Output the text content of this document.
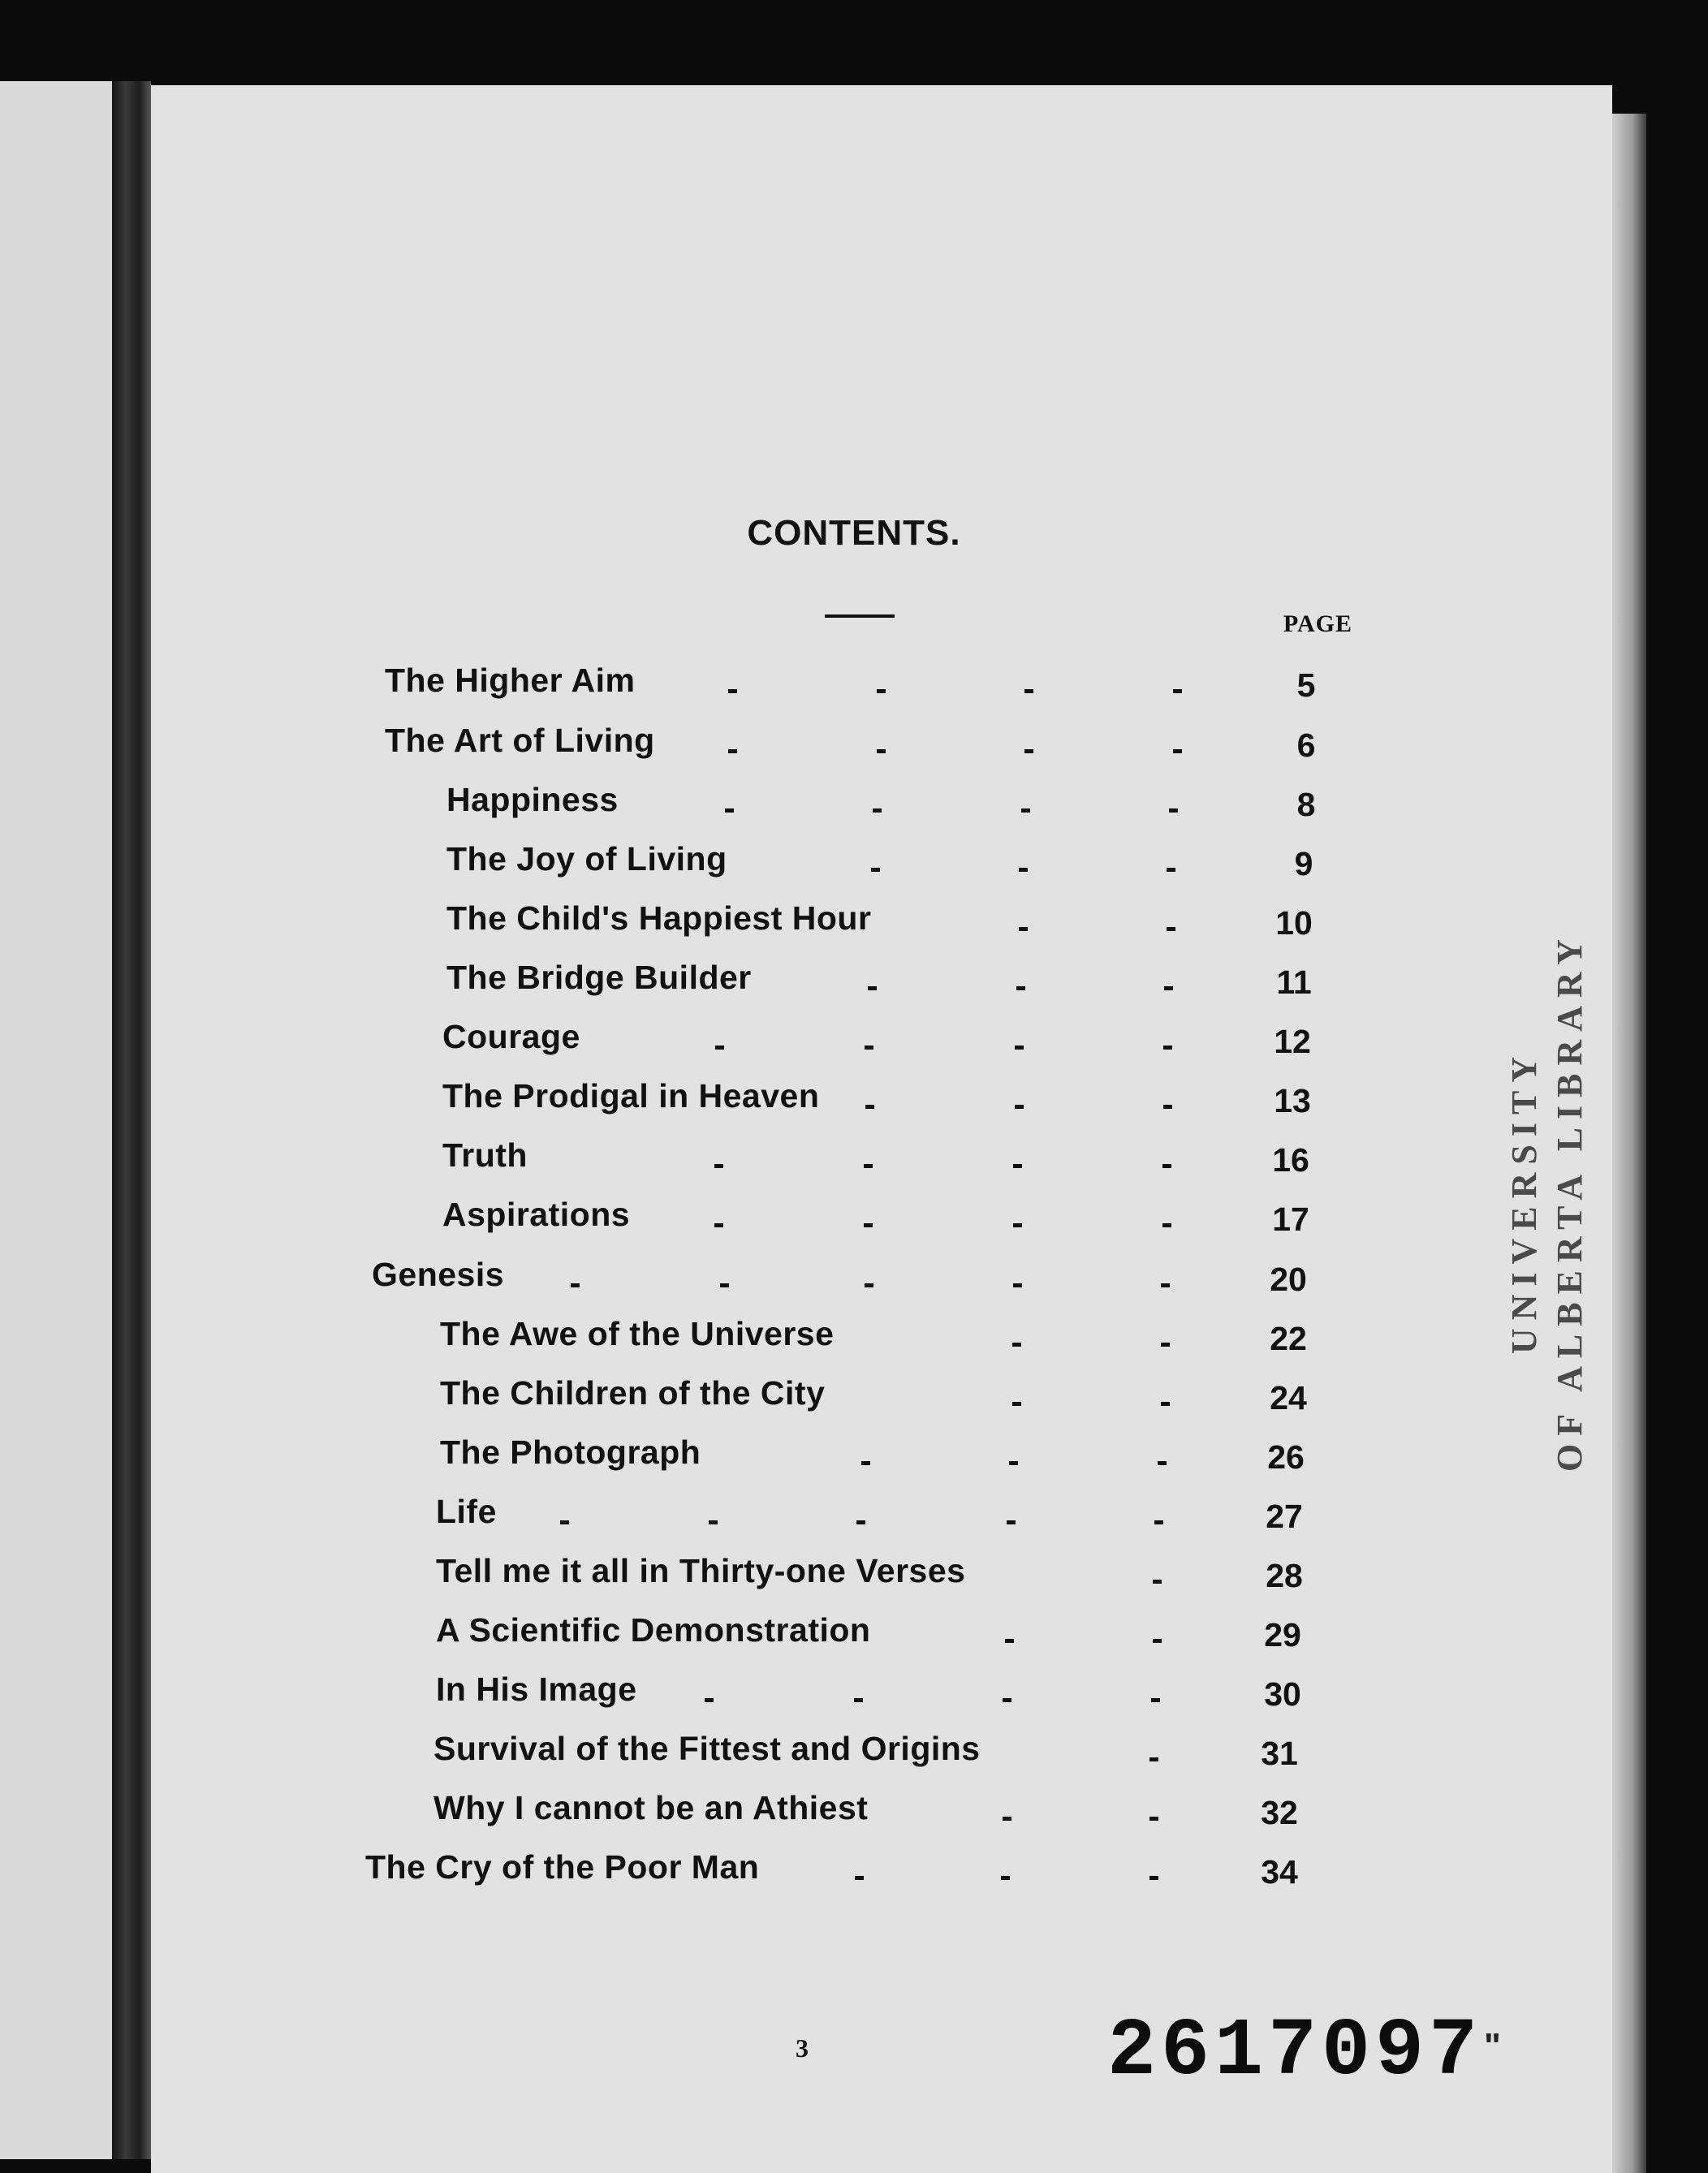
UNIVERSITY OF ALBERTA LIBRARY
CONTENTS.
PAGE
The Higher Aim	5
The Art of Living	6
Happiness	8
The Joy of Living	9
The Child's Happiest Hour	10
The Bridge Builder	11
Courage	12
The Prodigal in Heaven	13
Truth	16
Aspirations	17
Genesis	20
The Awe of the Universe	22
The Children of the City	24
The Photograph	26
Life	27
Tell me it all in Thirty-one Verses	28
A Scientific Demonstration	29
In His Image	30
Survival of the Fittest and Origins	31
Why I cannot be an Athiest	32
The Cry of the Poor Man	34
3	2617097 "
